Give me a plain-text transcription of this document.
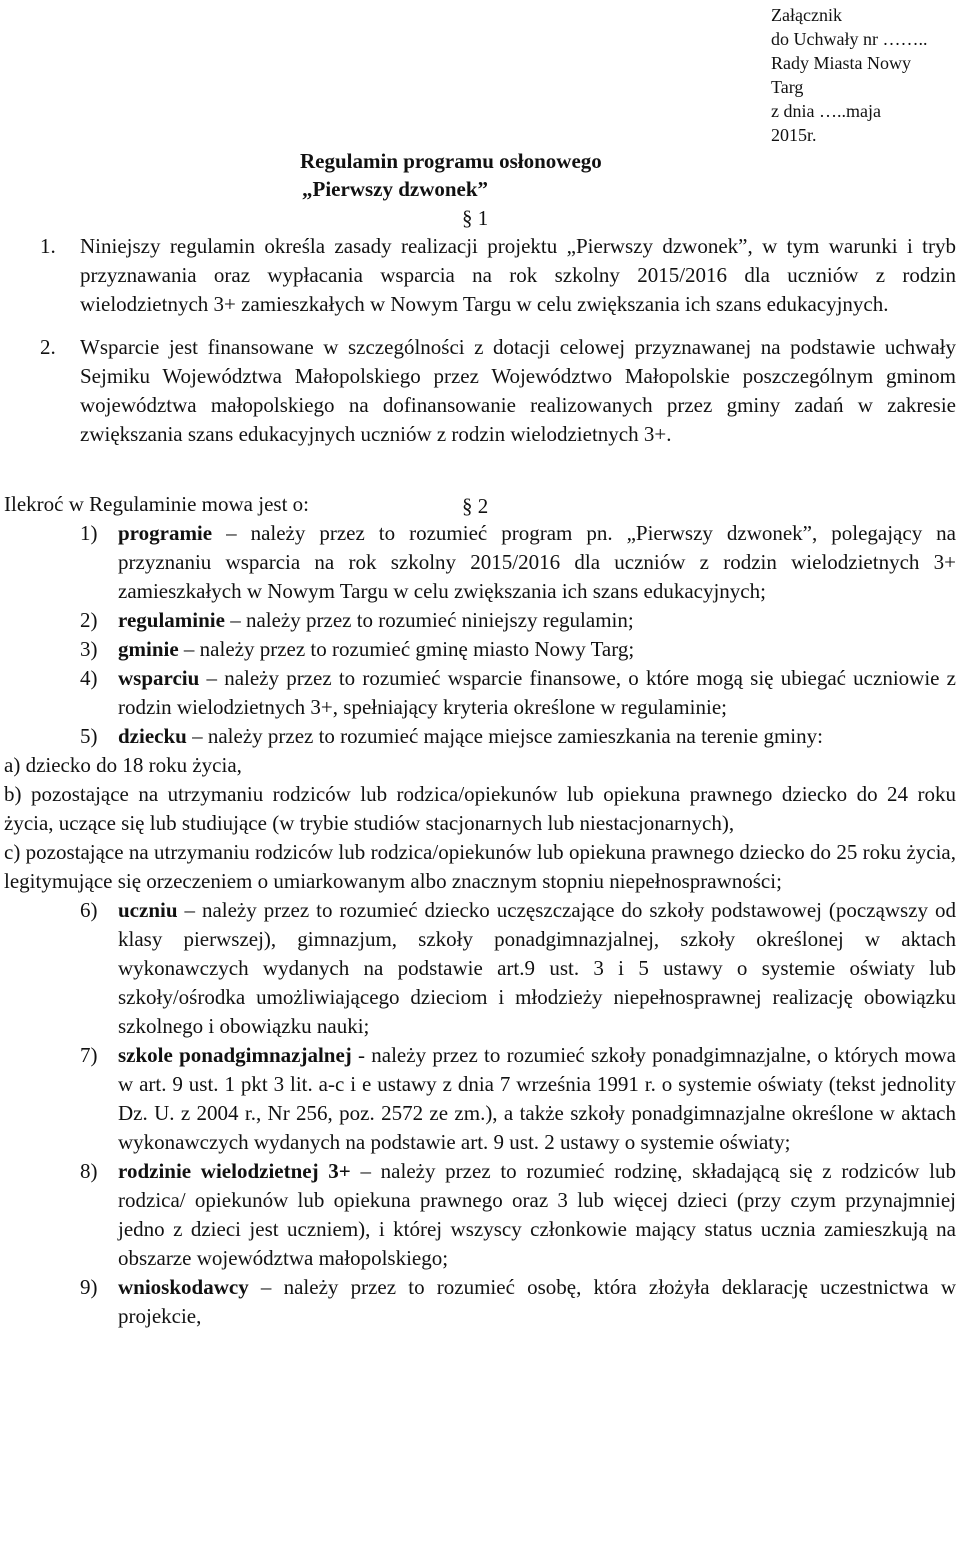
Załącznik
do Uchwały nr ……..
Rady Miasta Nowy
Targ
z dnia …..maja
2015r.
Regulamin programu osłonowego
„Pierwszy dzwonek”
§ 1
1.	Niniejszy regulamin określa zasady realizacji projektu „Pierwszy dzwonek”, w tym warunki i tryb przyznawania oraz wypłacania wsparcia na rok szkolny 2015/2016 dla uczniów z rodzin wielodzietnych 3+ zamieszkałych w Nowym Targu w celu zwiększania ich szans edukacyjnych.
2. Wsparcie jest finansowane w szczególności z dotacji celowej przyznawanej na podstawie uchwały Sejmiku Województwa Małopolskiego przez Województwo Małopolskie poszczególnym gminom województwa małopolskiego na dofinansowanie realizowanych przez gminy zadań w zakresie zwiększania szans edukacyjnych uczniów z rodzin wielodzietnych 3+.
Ilekroć w Regulaminie mowa jest o:
1) programie – należy przez to rozumieć program pn. „Pierwszy dzwonek”, polegający na przyznaniu wsparcia na rok szkolny 2015/2016 dla uczniów z rodzin wielodzietnych 3+ zamieszkałych w Nowym Targu w celu zwiększania ich szans edukacyjnych;
2) regulaminie – należy przez to rozumieć niniejszy regulamin;
3) gminie – należy przez to rozumieć gminę miasto Nowy Targ;
4) wsparciu – należy przez to rozumieć wsparcie finansowe, o które mogą się ubiegać uczniowie z rodzin wielodzietnych 3+, spełniający kryteria określone w regulaminie;
5) dziecku – należy przez to rozumieć mające miejsce zamieszkania na terenie gminy:
a) dziecko do 18 roku życia,
b) pozostające na utrzymaniu rodziców lub rodzica/opiekunów lub opiekuna prawnego dziecko do 24 roku życia, uczące się lub studiujące (w trybie studiów stacjonarnych lub niestacjonarnych),
c) pozostające na utrzymaniu rodziców lub rodzica/opiekunów lub opiekuna prawnego dziecko do 25 roku życia, legitymujące się orzeczeniem o umiarkowanym albo znacznym stopniu niepełnosprawności;
6) uczniu – należy przez to rozumieć dziecko uczęszczające do szkoły podstawowej (począwszy od klasy pierwszej), gimnazjum, szkoły ponadgimnazjalnej, szkoły określonej w aktach wykonawczych wydanych na podstawie art.9 ust. 3 i 5 ustawy o systemie oświaty lub szkoły/ośrodka umożliwiającego dzieciom i młodzieży niepełnosprawnej realizację obowiązku szkolnego i obowiązku nauki;
7) szkole ponadgimnazjalnej - należy przez to rozumieć szkoły ponadgimnazjalne, o których mowa w art. 9 ust. 1 pkt 3 lit. a-c i e ustawy z dnia 7 września 1991 r. o systemie oświaty (tekst jednolity Dz. U. z 2004 r., Nr 256, poz. 2572 ze zm.), a także szkoły ponadgimnazjalne określone w aktach wykonawczych wydanych na podstawie art. 9 ust. 2 ustawy o systemie oświaty;
8) rodzinie wielodzietnej 3+ – należy przez to rozumieć rodzinę, składającą się z rodziców lub rodzica/ opiekunów lub opiekuna prawnego oraz 3 lub więcej dzieci (przy czym przynajmniej jedno z dzieci jest uczniem), i której wszyscy członkowie mający status ucznia zamieszkują na obszarze województwa małopolskiego;
9) wnioskodawcy – należy przez to rozumieć osobę, która złożyła deklarację uczestnictwa w projekcie,
§ 2
